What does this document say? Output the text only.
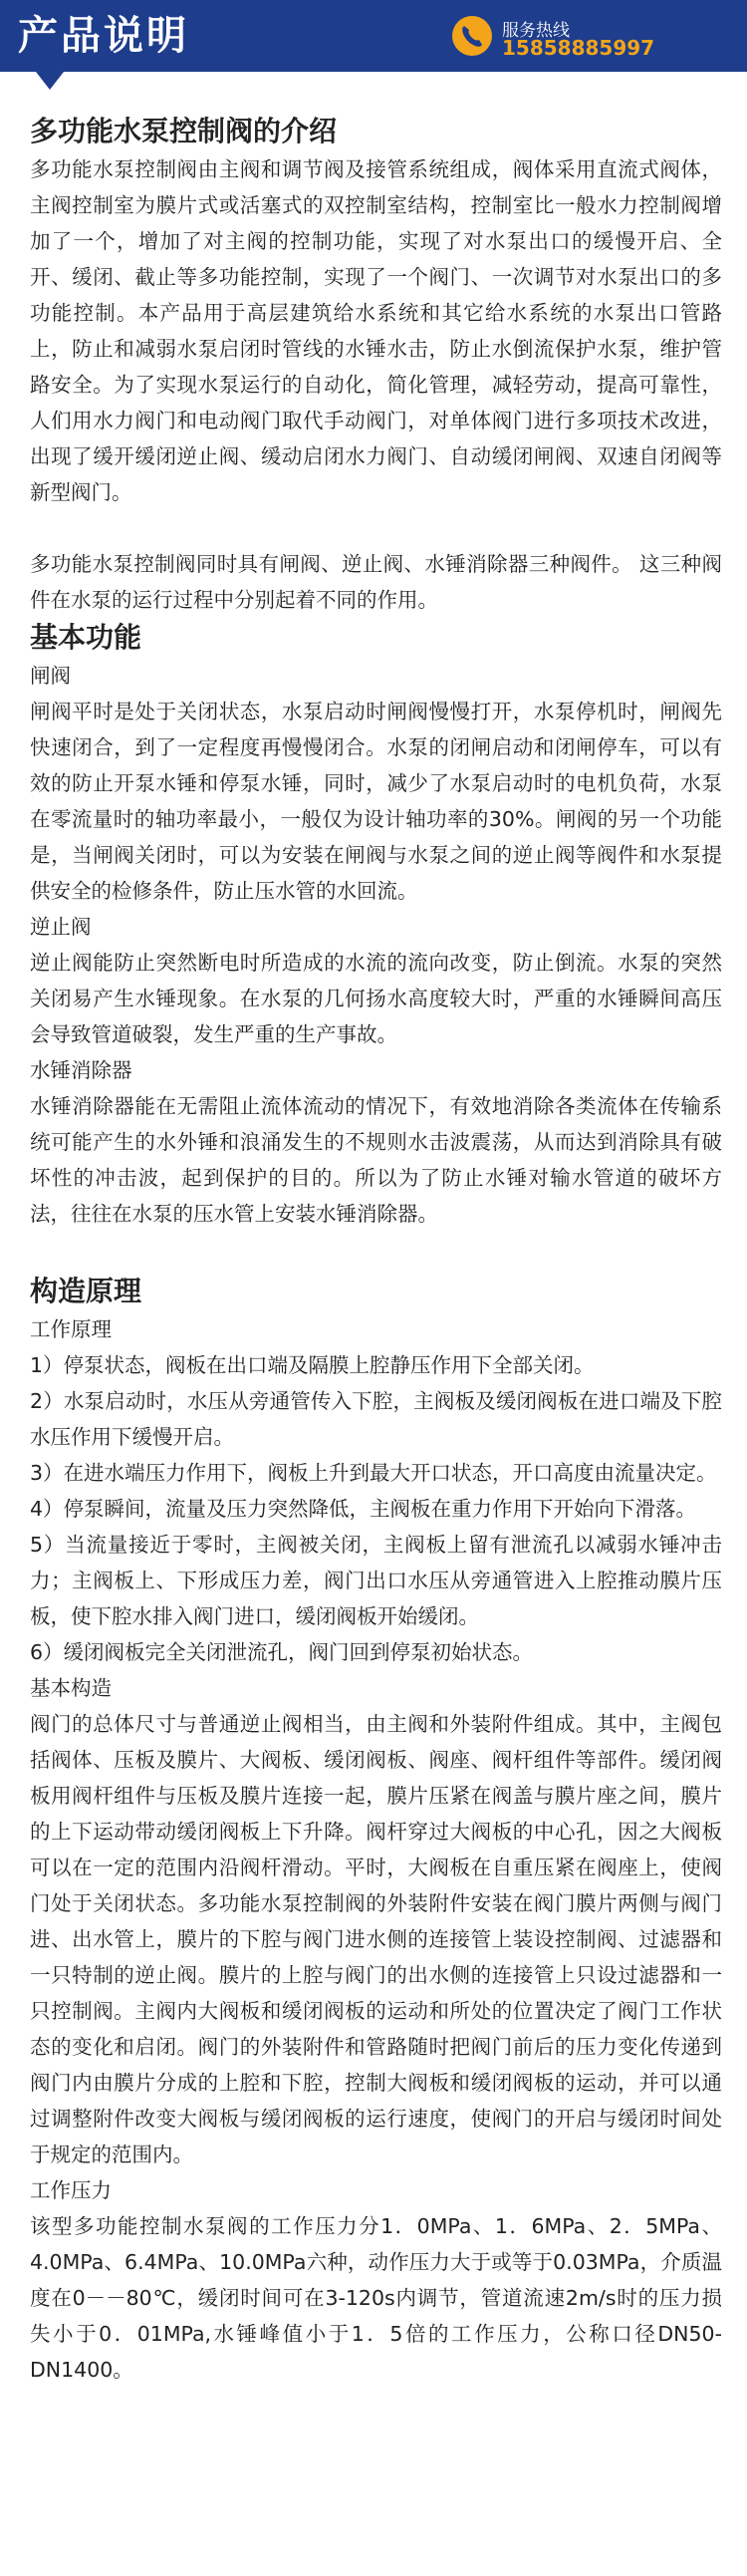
产品说明	服务热线
15858885997
多功能水泵控制阀的介绍

多功能水泵控制阀由主阀和调节阀及接管系统组成，阀体采用直流式阀体，主阀控制室为膜片式或活塞式的双控制室结构，控制室比一般水力控制阀增加了一个，增加了对主阀的控制功能，实现了对水泵出口的缓慢开启、全开、缓闭、截止等多功能控制，实现了一个阀门、一次调节对水泵出口的多功能控制。本产品用于高层建筑给水系统和其它给水系统的水泵出口管路上，防止和减弱水泵启闭时管线的水锤水击，防止水倒流保护水泵，维护管路安全。为了实现水泵运行的自动化，简化管理，减轻劳动，提高可靠性，人们用水力阀门和电动阀门取代手动阀门，对单体阀门进行多项技术改进，出现了缓开缓闭逆止阀、缓动启闭水力阀门、自动缓闭闸阀、双速自闭阀等新型阀门。

多功能水泵控制阀同时具有闸阀、逆止阀、水锤消除器三种阀件。 这三种阀件在水泵的运行过程中分别起着不同的作用。

基本功能
闸阀

闸阀平时是处于关闭状态，水泵启动时闸阀慢慢打开，水泵停机时，闸阀先快速闭合，到了一定程度再慢慢闭合。水泵的闭闸启动和闭闸停车，可以有效的防止开泵水锤和停泵水锤，同时，减少了水泵启动时的电机负荷，水泵在零流量时的轴功率最小，一般仅为设计轴功率的30%。闸阀的另一个功能是，当闸阀关闭时，可以为安装在闸阀与水泵之间的逆止阀等阀件和水泵提供安全的检修条件，防止压水管的水回流。

逆止阀

逆止阀能防止突然断电时所造成的水流的流向改变，防止倒流。水泵的突然关闭易产生水锤现象。在水泵的几何扬水高度较大时，严重的水锤瞬间高压会导致管道破裂，发生严重的生产事故。

水锤消除器

水锤消除器能在无需阻止流体流动的情况下，有效地消除各类流体在传输系统可能产生的水外锤和浪涌发生的不规则水击波震荡，从而达到消除具有破坏性的冲击波，起到保护的目的。所以为了防止水锤对输水管道的破坏方法，往往在水泵的压水管上安装水锤消除器。

构造原理
工作原理

1）停泵状态，阀板在出口端及隔膜上腔静压作用下全部关闭。

2）水泵启动时，水压从旁通管传入下腔，主阀板及缓闭阀板在进口端及下腔水压作用下缓慢开启。

3）在进水端压力作用下，阀板上升到最大开口状态，开口高度由流量决定。

4）停泵瞬间，流量及压力突然降低，主阀板在重力作用下开始向下滑落。

5）当流量接近于零时，主阀被关闭，主阀板上留有泄流孔以减弱水锤冲击力；主阀板上、下形成压力差，阀门出口水压从旁通管进入上腔推动膜片压板，使下腔水排入阀门进口，缓闭阀板开始缓闭。

6）缓闭阀板完全关闭泄流孔，阀门回到停泵初始状态。

基本构造

阀门的总体尺寸与普通逆止阀相当，由主阀和外装附件组成。其中，主阀包括阀体、压板及膜片、大阀板、缓闭阀板、阀座、阀杆组件等部件。缓闭阀板用阀杆组件与压板及膜片连接一起，膜片压紧在阀盖与膜片座之间，膜片的上下运动带动缓闭阀板上下升降。阀杆穿过大阀板的中心孔，因之大阀板可以在一定的范围内沿阀杆滑动。平时，大阀板在自重压紧在阀座上，使阀门处于关闭状态。多功能水泵控制阀的外装附件安装在阀门膜片两侧与阀门进、出水管上，膜片的下腔与阀门进水侧的连接管上装设控制阀、过滤器和一只特制的逆止阀。膜片的上腔与阀门的出水侧的连接管上只设过滤器和一只控制阀。主阀内大阀板和缓闭阀板的运动和所处的位置决定了阀门工作状态的变化和启闭。阀门的外装附件和管路随时把阀门前后的压力变化传递到阀门内由膜片分成的上腔和下腔，控制大阀板和缓闭阀板的运动，并可以通过调整附件改变大阀板与缓闭阀板的运行速度，使阀门的开启与缓闭时间处于规定的范围内。

工作压力

该型多功能控制水泵阀的工作压力分1．0MPa、1．6MPa、2．5MPa、4.0MPa、6.4MPa、10.0MPa六种，动作压力大于或等于0.03MPa，介质温度在0－－80℃，缓闭时间可在3-120s内调节，管道流速2m/s时的压力损失小于0．01MPa,水锤峰值小于1．5倍的工作压力，公称口径DN50-DN1400。
